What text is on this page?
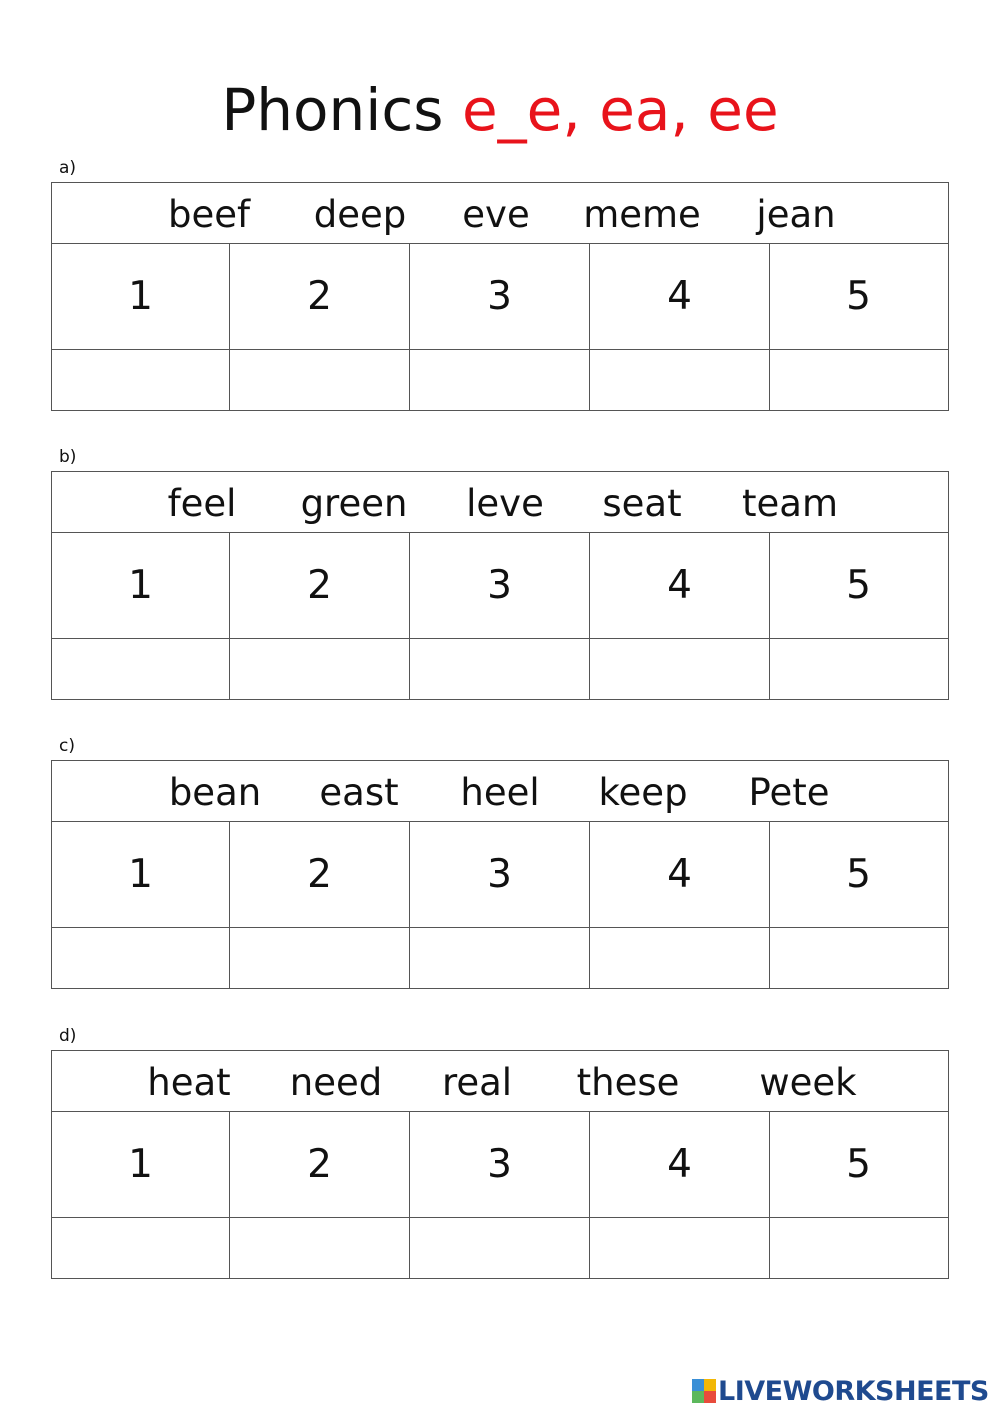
Phonics e_e, ea, ee
a)
beef deep eve meme jean
1	2	3	4	5
b)
feel green leve seat team
1	2	3	4	5
c)
bean east heel keep Pete
1	2	3	4	5
d)
heat need real these week
1	2	3	4	5
LIVEWORKSHEETS
